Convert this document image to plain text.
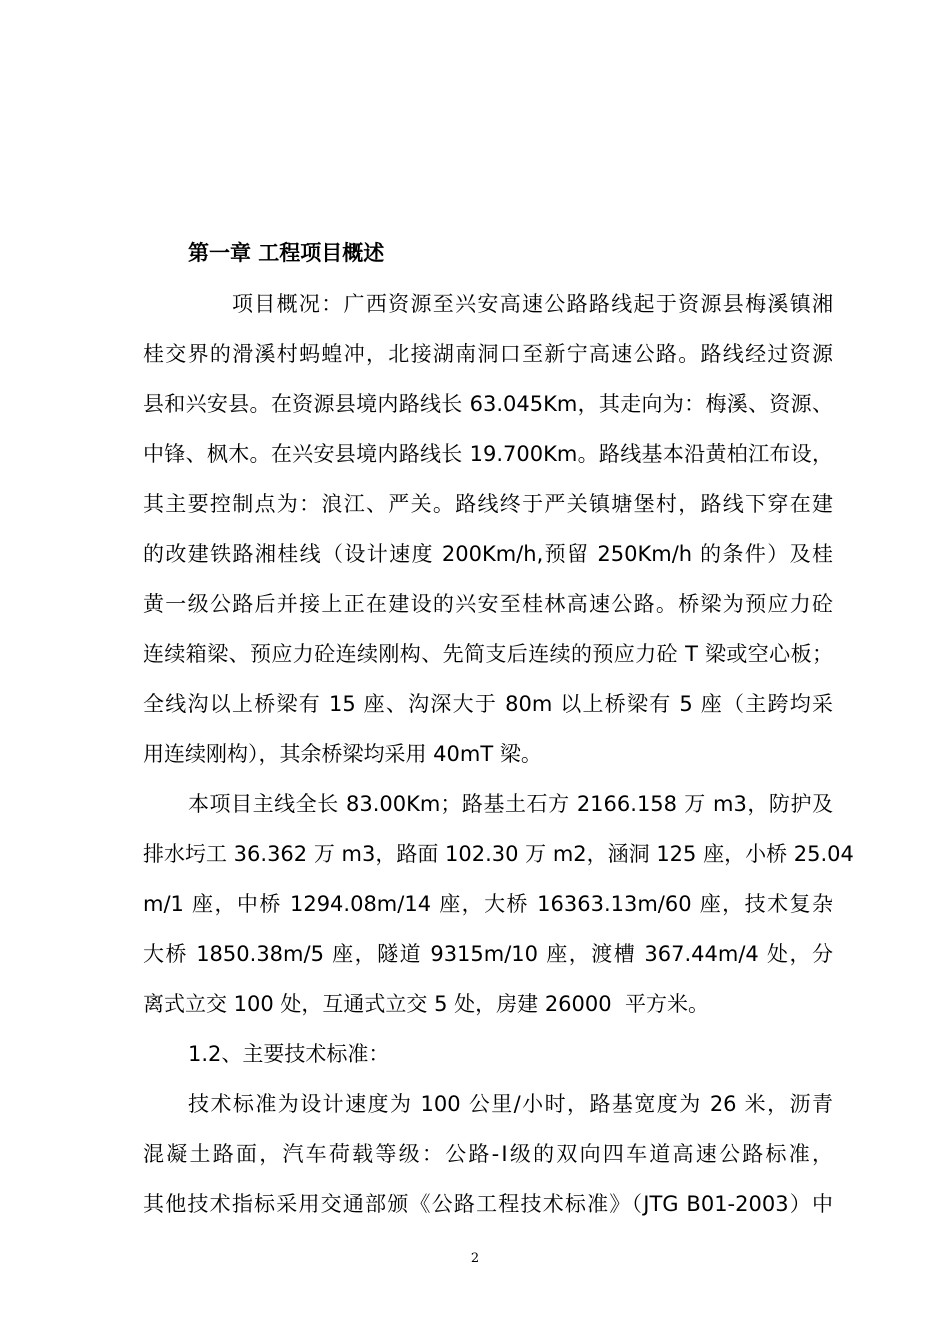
第一章 工程项目概述
项目概况：广西资源至兴安高速公路路线起于资源县梅溪镇湘
桂交界的滑溪村蚂蝗冲，北接湖南洞口至新宁高速公路。路线经过资源
县和兴安县。在资源县境内路线长 63.045Km，其走向为：梅溪、资源、
中锋、枫木。在兴安县境内路线长 19.700Km。路线基本沿黄柏江布设，
其主要控制点为：浪江、严关。路线终于严关镇塘堡村，路线下穿在建
的改建铁路湘桂线（设计速度 200Km/h,预留 250Km/h 的条件）及桂
黄一级公路后并接上正在建设的兴安至桂林高速公路。桥梁为预应力砼
连续箱梁、预应力砼连续刚构、先简支后连续的预应力砼 T 梁或空心板；
全线沟以上桥梁有 15 座、沟深大于 80m 以上桥梁有 5 座（主跨均采
用连续刚构），其余桥梁均采用 40mT 梁。
本项目主线全长 83.00Km；路基土石方 2166.158 万 m3，防护及
排水圬工 36.362 万 m3，路面 102.30 万 m2，涵洞 125 座，小桥 25.04
m/1 座，中桥 1294.08m/14 座，大桥 16363.13m/60 座，技术复杂
大桥 1850.38m/5 座，隧道 9315m/10 座，渡槽 367.44m/4 处，分
离式立交 100 处，互通式立交 5 处，房建 26000  平方米。
1.2、主要技术标准：
技术标准为设计速度为 100 公里/小时，路基宽度为 26 米，沥青
混凝土路面，汽车荷载等级：公路-Ⅰ级的双向四车道高速公路标准，
其他技术指标采用交通部颁《公路工程技术标准》（JTG B01-2003）中
2
